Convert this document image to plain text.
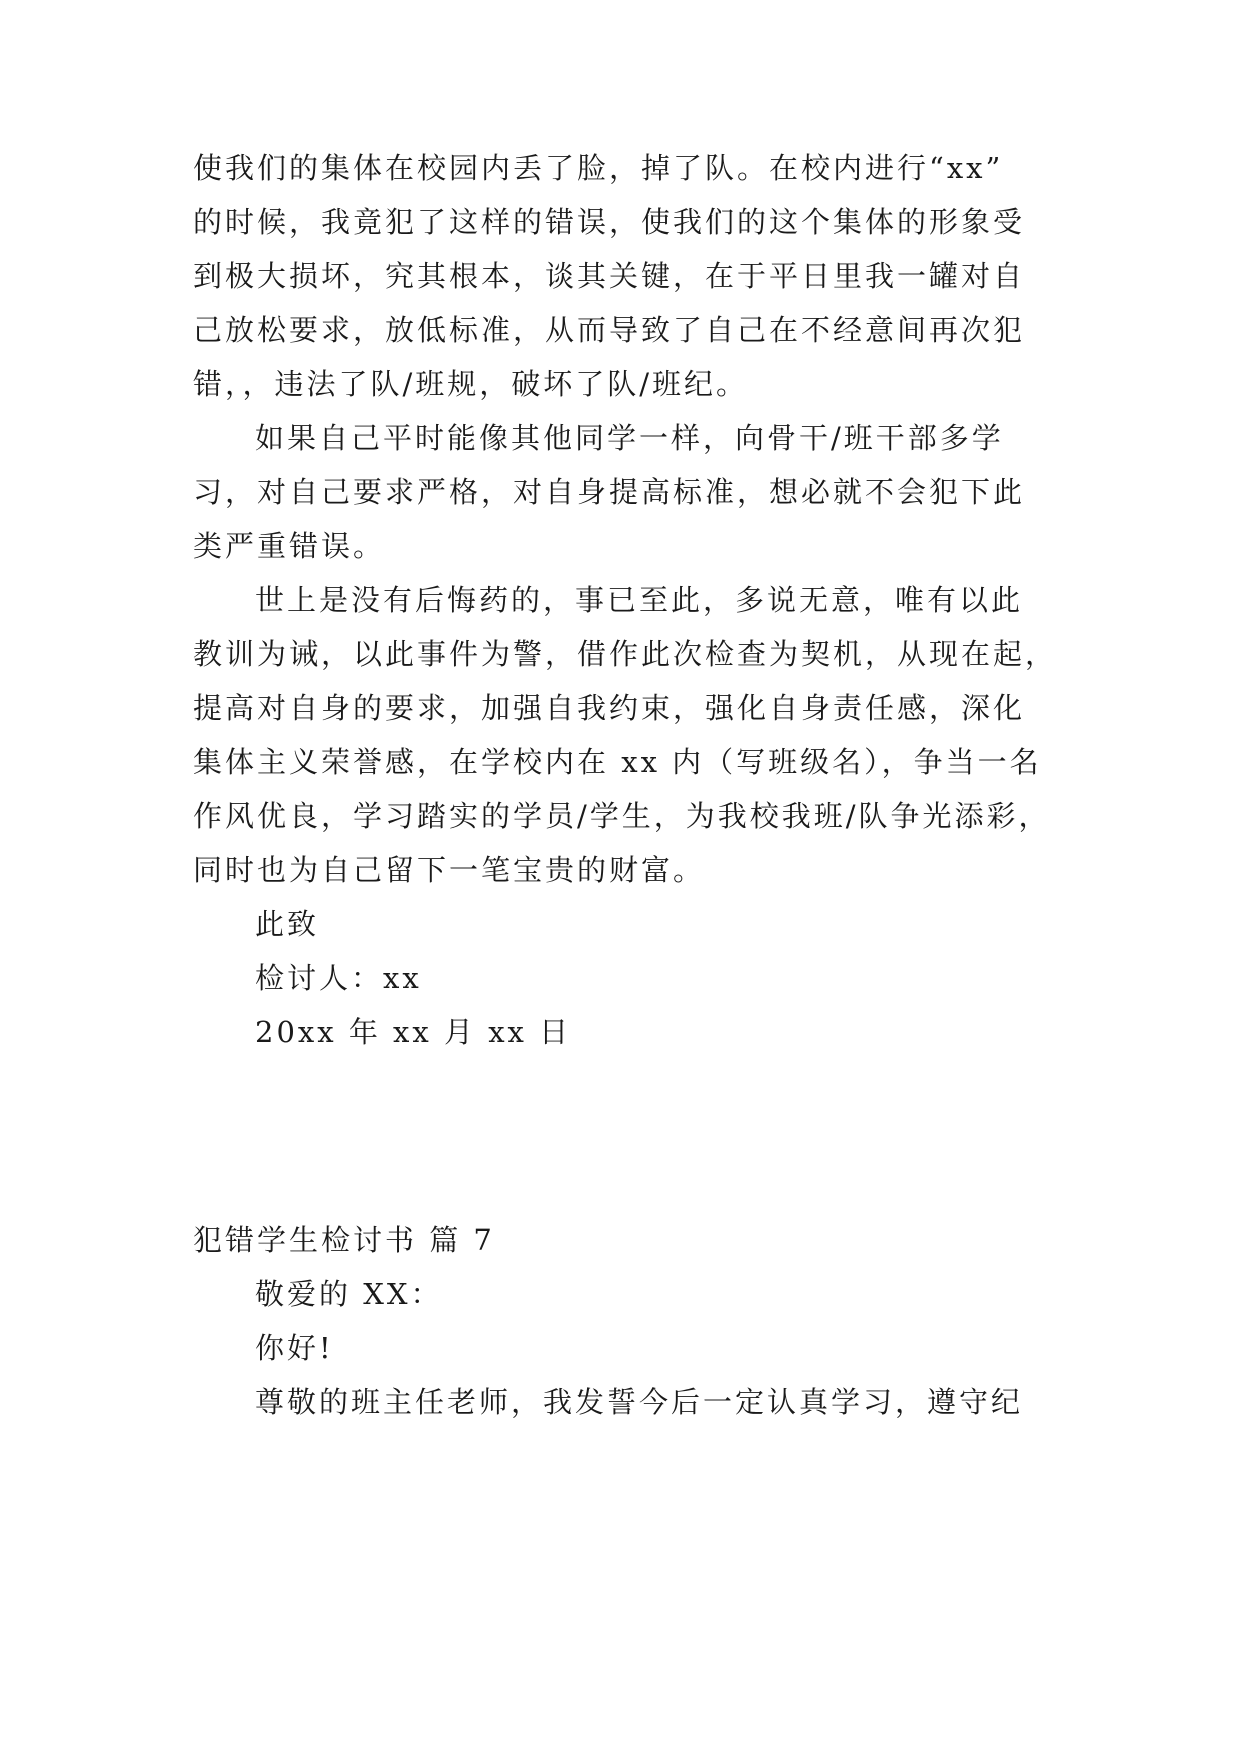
使我们的集体在校园内丢了脸，掉了队。在校内进行“xx”
的时候，我竟犯了这样的错误，使我们的这个集体的形象受
到极大损坏，究其根本，谈其关键，在于平日里我一罐对自
己放松要求，放低标准，从而导致了自己在不经意间再次犯
错，，违法了队/班规，破坏了队/班纪。
如果自己平时能像其他同学一样，向骨干/班干部多学
习，对自己要求严格，对自身提高标准，想必就不会犯下此
类严重错误。
世上是没有后悔药的，事已至此，多说无意，唯有以此
教训为诫，以此事件为警，借作此次检查为契机，从现在起，
提高对自身的要求，加强自我约束，强化自身责任感，深化
集体主义荣誉感，在学校内在 xx 内（写班级名），争当一名
作风优良，学习踏实的学员/学生，为我校我班/队争光添彩，
同时也为自己留下一笔宝贵的财富。
此致
检讨人：xx
20xx 年 xx 月 xx 日
犯错学生检讨书 篇 7
敬爱的 XX：
你好!
尊敬的班主任老师，我发誓今后一定认真学习，遵守纪
